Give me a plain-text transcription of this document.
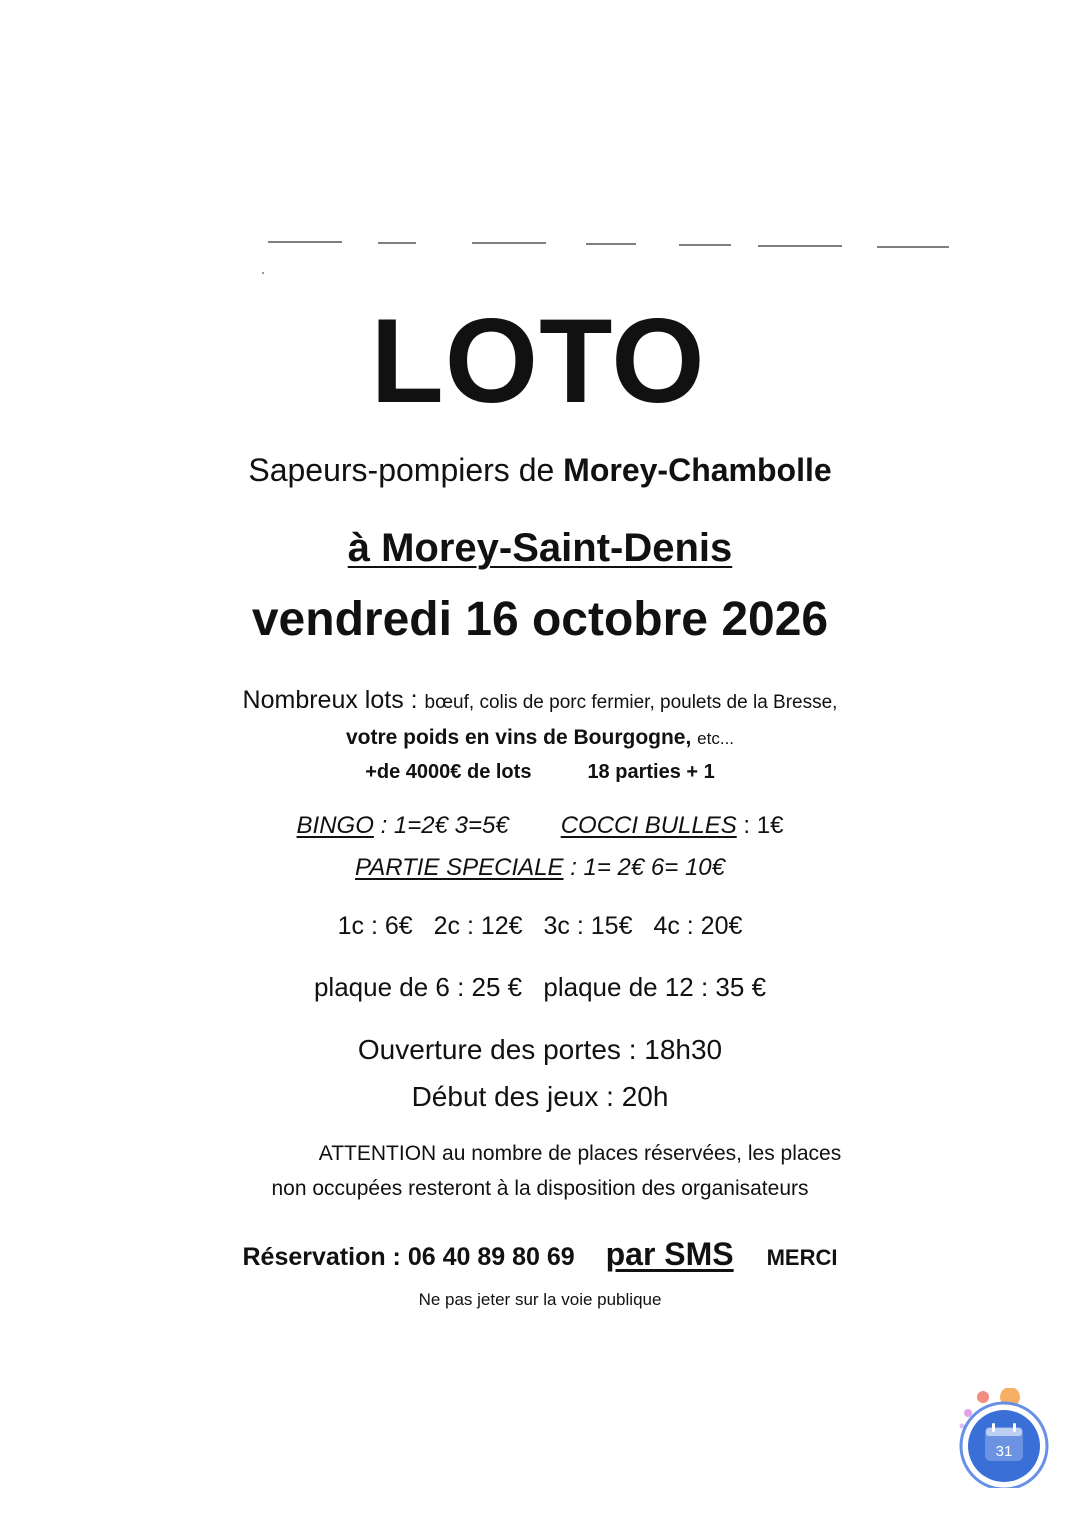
LOTO
Sapeurs-pompiers de Morey-Chambolle
à Morey-Saint-Denis
vendredi 16 octobre 2026
Nombreux lots : bœuf, colis de porc fermier, poulets de la Bresse,
votre poids en vins de Bourgogne, etc...
+de 4000€ de lots	18 parties + 1
BINGO : 1=2€ 3=5€ COCCI BULLES : 1€
PARTIE SPECIALE : 1= 2€ 6= 10€
1c : 6€ 2c : 12€ 3c : 15€ 4c : 20€
plaque de 6 : 25 € plaque de 12 : 35 €
Ouverture des portes : 18h30
Début des jeux : 20h
ATTENTION au nombre de places réservées, les places
non occupées resteront à la disposition des organisateurs
Réservation : 06 40 89 80 69 par SMS MERCI
Ne pas jeter sur la voie publique
31
